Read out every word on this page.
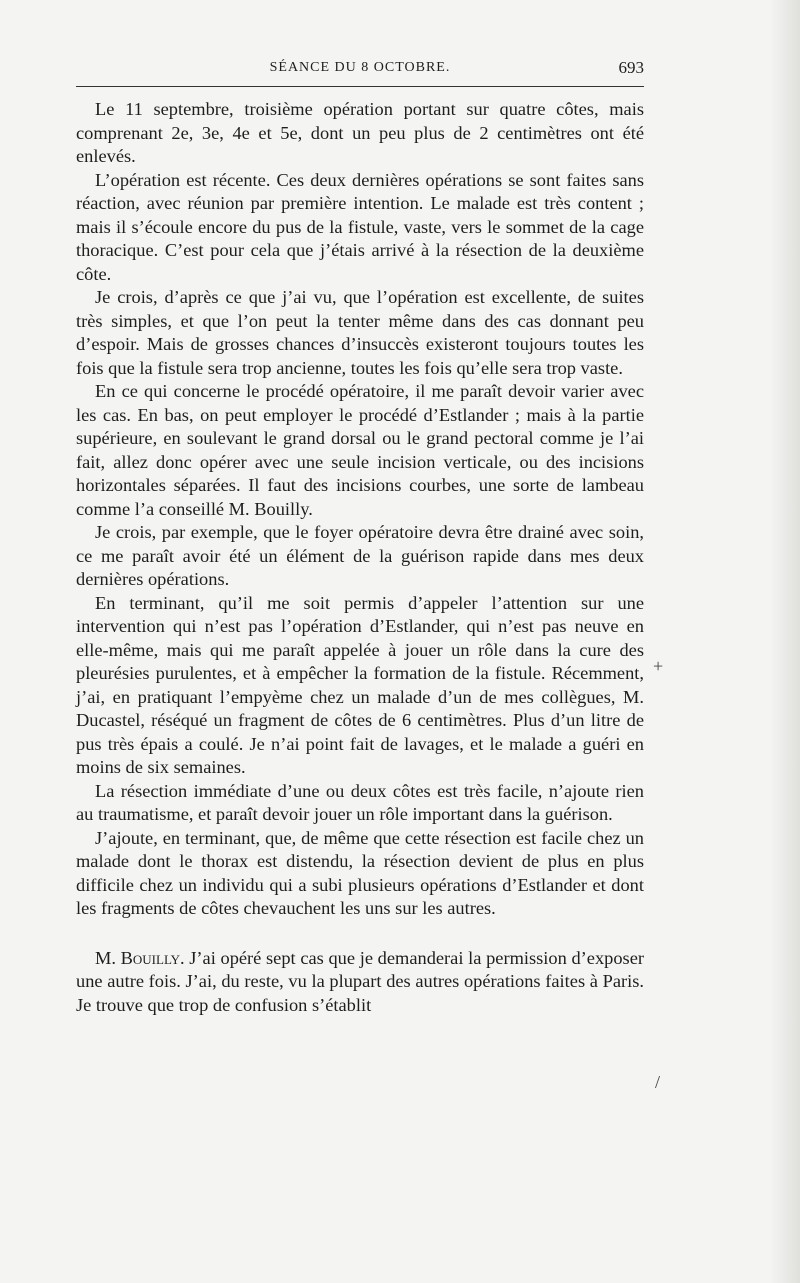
SÉANCE DU 8 OCTOBRE.	693

Le 11 septembre, troisième opération portant sur quatre côtes, mais comprenant 2e, 3e, 4e et 5e, dont un peu plus de 2 centimètres ont été enlevés.

L’opération est récente. Ces deux dernières opérations se sont faites sans réaction, avec réunion par première intention. Le malade est très content ; mais il s’écoule encore du pus de la fistule, vaste, vers le sommet de la cage thoracique. C’est pour cela que j’étais arrivé à la résection de la deuxième côte.

Je crois, d’après ce que j’ai vu, que l’opération est excellente, de suites très simples, et que l’on peut la tenter même dans des cas donnant peu d’espoir. Mais de grosses chances d’insuccès existeront toujours toutes les fois que la fistule sera trop ancienne, toutes les fois qu’elle sera trop vaste.

En ce qui concerne le procédé opératoire, il me paraît devoir varier avec les cas. En bas, on peut employer le procédé d’Estlander ; mais à la partie supérieure, en soulevant le grand dorsal ou le grand pectoral comme je l’ai fait, allez donc opérer avec une seule incision verticale, ou des incisions horizontales séparées. Il faut des incisions courbes, une sorte de lambeau comme l’a conseillé M. Bouilly.

Je crois, par exemple, que le foyer opératoire devra être drainé avec soin, ce me paraît avoir été un élément de la guérison rapide dans mes deux dernières opérations.

En terminant, qu’il me soit permis d’appeler l’attention sur une intervention qui n’est pas l’opération d’Estlander, qui n’est pas neuve en elle-même, mais qui me paraît appelée à jouer un rôle dans la cure des pleurésies purulentes, et à empêcher la formation de la fistule. Récemment, j’ai, en pratiquant l’empyème chez un malade d’un de mes collègues, M. Ducastel, réséqué un fragment de côtes de 6 centimètres. Plus d’un litre de pus très épais a coulé. Je n’ai point fait de lavages, et le malade a guéri en moins de six semaines.

La résection immédiate d’une ou deux côtes est très facile, n’ajoute rien au traumatisme, et paraît devoir jouer un rôle important dans la guérison.

J’ajoute, en terminant, que, de même que cette résection est facile chez un malade dont le thorax est distendu, la résection devient de plus en plus difficile chez un individu qui a subi plusieurs opérations d’Estlander et dont les fragments de côtes chevauchent les uns sur les autres.

M. Bouilly. J’ai opéré sept cas que je demanderai la permission d’exposer une autre fois. J’ai, du reste, vu la plupart des autres opérations faites à Paris. Je trouve que trop de confusion s’établit

+
/
